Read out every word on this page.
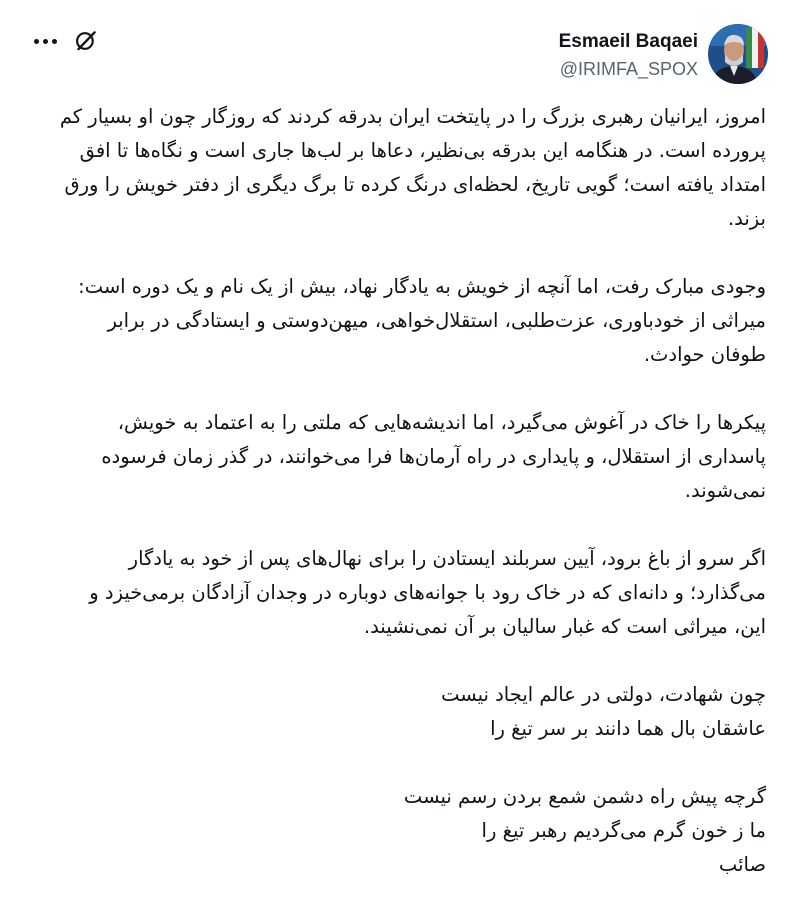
Esmaeil Baqaei
@IRIMFA_SPOX
امروز، ایرانیان رهبری بزرگ را در پایتخت ایران بدرقه کردند که روزگار چون او بسیار کم
پرورده است. در هنگامه این بدرقه بی‌نظیر، دعاها بر لب‌ها جاری است و نگاه‌ها تا افق
امتداد یافته است؛ گویی تاریخ، لحظه‌ای درنگ کرده تا برگ دیگری از دفتر خویش را ورق
بزند.
وجودی مبارک رفت، اما آنچه از خویش به یادگار نهاد، بیش از یک نام و یک دوره است:
میراثی از خودباوری، عزت‌طلبی، استقلال‌خواهی، میهن‌دوستی و ایستادگی در برابر
طوفان حوادث.
پیکرها را خاک در آغوش می‌گیرد، اما اندیشه‌هایی که ملتی را به اعتماد به خویش،
پاسداری از استقلال، و پایداری در راه آرمان‌ها فرا می‌خوانند، در گذر زمان فرسوده
نمی‌شوند.
اگر سرو از باغ برود، آیین سربلند ایستادن را برای نهال‌های پس از خود به یادگار
می‌گذارد؛ و دانه‌ای که در خاک رود با جوانه‌های دوباره در وجدان آزادگان برمی‌خیزد و
این، میراثی است که غبار سالیان بر آن نمی‌نشیند.
چون شهادت، دولتی در عالم ایجاد نیست
عاشقان بال هما دانند بر سر تیغ را
گرچه پیش راه دشمن شمع بردن رسم نیست
ما ز خون گرم می‌گردیم رهبر تیغ را
صائب
